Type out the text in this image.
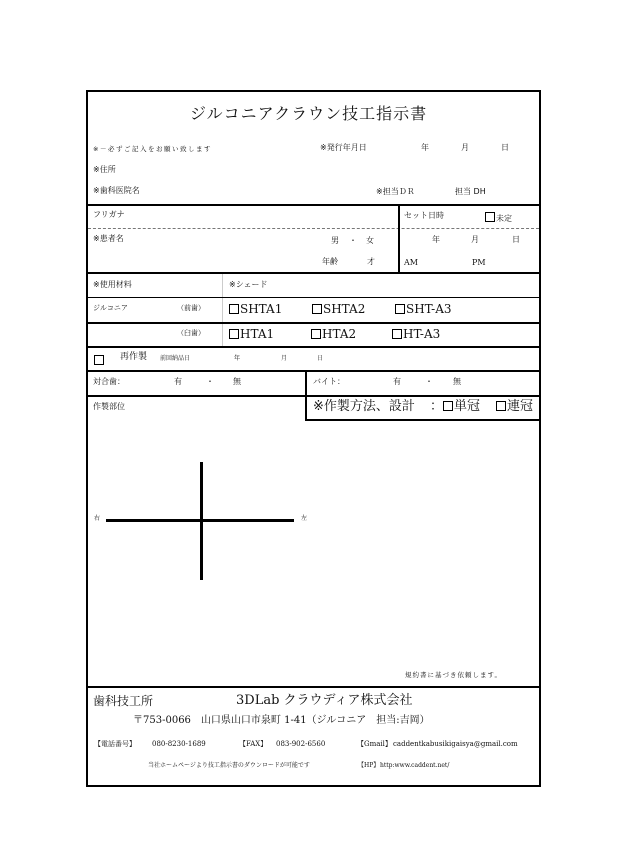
ジルコニアクラウン技工指示書
※－必ずご記入をお願い致します	※発行年月日	年	月	日
※住所
※歯科医院名	※担当ＤＲ	担当 DH
フリガナ
※患者名	男 ・ 女
年齢	才
セット日時	未定
年	月	日
AM	PM
※使用材料	※シェード
ジルコニア	（前歯）	SHTA1	SHTA2	SHT-A3
（臼歯）	HTA1	HTA2	HT-A3
再作製 前回納品日	年	月	日
対合歯：	有	・ 無	バイト：	有	・	無
作製部位	※作製方法、設計 ： 単冠	連冠
右	左
規約書に基づき依頼します。
歯科技工所	3DLab クラウディア株式会社
〒753-0066　山口県山口市泉町 1-41（ジルコニア　担当:吉岡）
【電話番号】 080-8230-1689	【FAX】 083-902-6560	【Gmail】 caddentkabusikigaisya@gmail.com
当社ホームページより技工指示書のダウンロードが可能です	【HP】 http:www.caddent.net/
